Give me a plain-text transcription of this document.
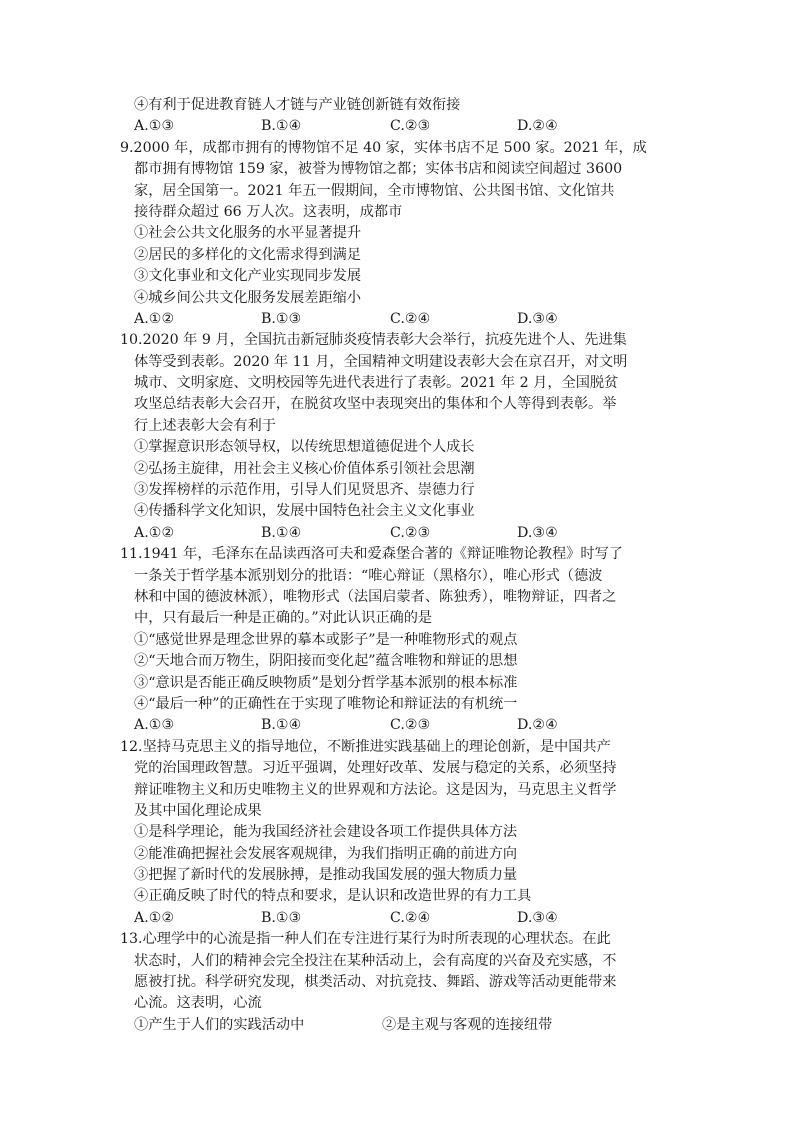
④有利于促进教育链人才链与产业链创新链有效衔接
A.①③	B.①④	C.②③	D.②④
9.2000 年，成都市拥有的博物馆不足 40 家，实体书店不足 500 家。2021 年，成
都市拥有博物馆 159 家，被誉为博物馆之都；实体书店和阅读空间超过 3600
家，居全国第一。2021 年五一假期间，全市博物馆、公共图书馆、文化馆共
接待群众超过 66 万人次。这表明，成都市
①社会公共文化服务的水平显著提升
②居民的多样化的文化需求得到满足
③文化事业和文化产业实现同步发展
④城乡间公共文化服务发展差距缩小
A.①②	B.①③	C.②④	D.③④
10.2020 年 9 月，全国抗击新冠肺炎疫情表彰大会举行，抗疫先进个人、先进集
体等受到表彰。2020 年 11 月，全国精神文明建设表彰大会在京召开，对文明
城市、文明家庭、文明校园等先进代表进行了表彰。2021 年 2 月，全国脱贫
攻坚总结表彰大会召开，在脱贫攻坚中表现突出的集体和个人等得到表彰。举
行上述表彰大会有利于
①掌握意识形态领导权，以传统思想道德促进个人成长
②弘扬主旋律，用社会主义核心价值体系引领社会思潮
③发挥榜样的示范作用，引导人们见贤思齐、崇德力行
④传播科学文化知识，发展中国特色社会主义文化事业
A.①②	B.①④	C.②③	D.③④
11.1941 年，毛泽东在品读西洛可夫和爱森堡合著的《辩证唯物论教程》时写了
一条关于哲学基本派别划分的批语：“唯心辩证（黑格尔），唯心形式（德波
林和中国的德波林派），唯物形式（法国启蒙者、陈独秀），唯物辩证，四者之
中，只有最后一种是正确的。”对此认识正确的是
①“感觉世界是理念世界的摹本或影子”是一种唯物形式的观点
②“天地合而万物生，阴阳接而变化起”蕴含唯物和辩证的思想
③“意识是否能正确反映物质”是划分哲学基本派别的根本标准
④“最后一种”的正确性在于实现了唯物论和辩证法的有机统一
A.①③	B.①④	C.②③	D.②④
12.坚持马克思主义的指导地位，不断推进实践基础上的理论创新，是中国共产
党的治国理政智慧。习近平强调，处理好改革、发展与稳定的关系，必须坚持
辩证唯物主义和历史唯物主义的世界观和方法论。这是因为，马克思主义哲学
及其中国化理论成果
①是科学理论，能为我国经济社会建设各项工作提供具体方法
②能准确把握社会发展客观规律，为我们指明正确的前进方向
③把握了新时代的发展脉搏，是推动我国发展的强大物质力量
④正确反映了时代的特点和要求，是认识和改造世界的有力工具
A.①②	B.①③	C.②④	D.③④
13.心理学中的心流是指一种人们在专注进行某行为时所表现的心理状态。在此
状态时，人们的精神会完全投注在某种活动上，会有高度的兴奋及充实感，不
愿被打扰。科学研究发现，棋类活动、对抗竞技、舞蹈、游戏等活动更能带来
心流。这表明，心流
①产生于人们的实践活动中	②是主观与客观的连接纽带
